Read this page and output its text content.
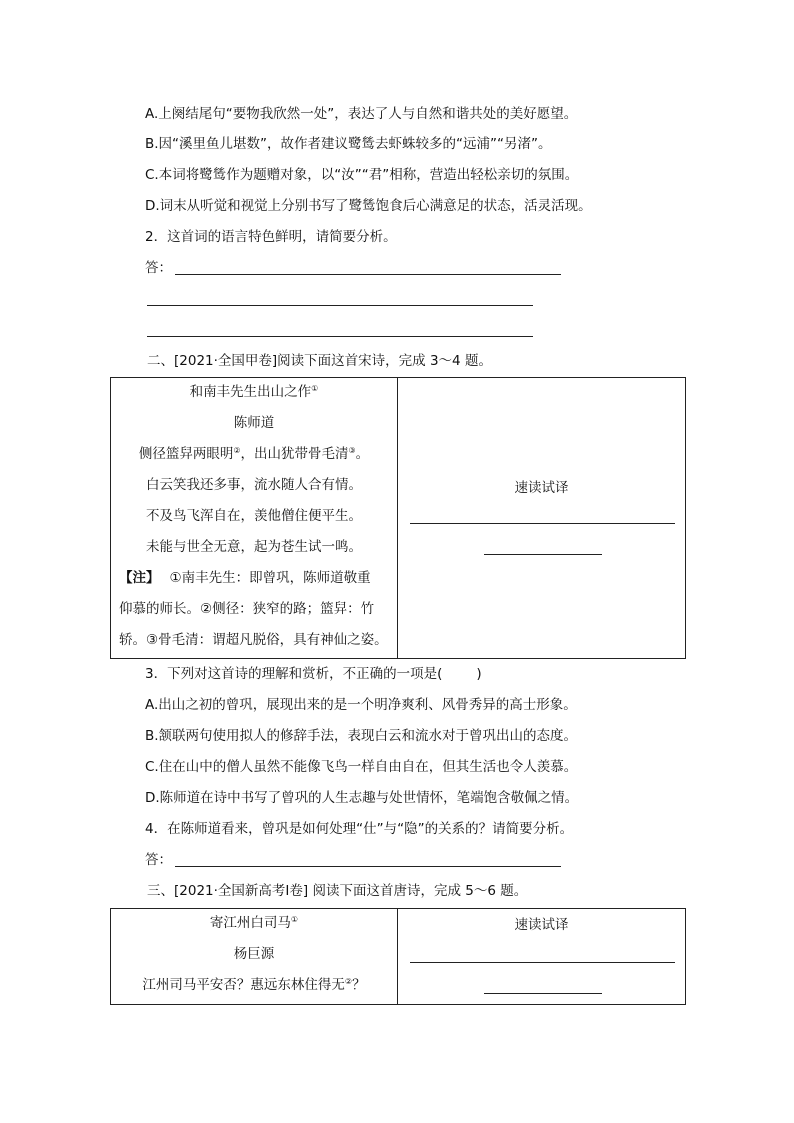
A.上阕结尾句“要物我欣然一处”，表达了人与自然和谐共处的美好愿望。
B.因“溪里鱼儿堪数”，故作者建议鹭鸶去虾蛛较多的“远浦”“另渚”。
C.本词将鹭鸶作为题赠对象，以“汝”“君”相称，营造出轻松亲切的氛围。
D.词末从听觉和视觉上分别书写了鹭鸶饱食后心满意足的状态，活灵活现。
2．这首词的语言特色鲜明，请简要分析。
答：
二、[2021·全国甲卷]阅读下面这首宋诗，完成 3～4 题。
和南丰先生出山之作①
陈师道
侧径篮舁两眼明②，出山犹带骨毛清③。
白云笑我还多事，流水随人合有情。
不及鸟飞浑自在，羡他僧住便平生。
未能与世全无意，起为苍生试一鸣。
【注】 ①南丰先生：即曾巩，陈师道敬重
仰慕的师长。②侧径：狭窄的路；篮舁：竹
轿。③骨毛清：谓超凡脱俗，具有神仙之姿。

速读试译
3．下列对这首诗的理解和赏析，不正确的一项是(	)
A.出山之初的曾巩，展现出来的是一个明净爽利、风骨秀异的高士形象。
B.颔联两句使用拟人的修辞手法，表现白云和流水对于曾巩出山的态度。
C.住在山中的僧人虽然不能像飞鸟一样自由自在，但其生活也令人羡慕。
D.陈师道在诗中书写了曾巩的人生志趣与处世情怀，笔端饱含敬佩之情。
4．在陈师道看来，曾巩是如何处理“仕”与“隐”的关系的？请简要分析。
答：
三、[2021·全国新高考Ⅰ卷] 阅读下面这首唐诗，完成 5～6 题。
寄江州白司马①
杨巨源
江州司马平安否？惠远东林住得无②？

速读试译
